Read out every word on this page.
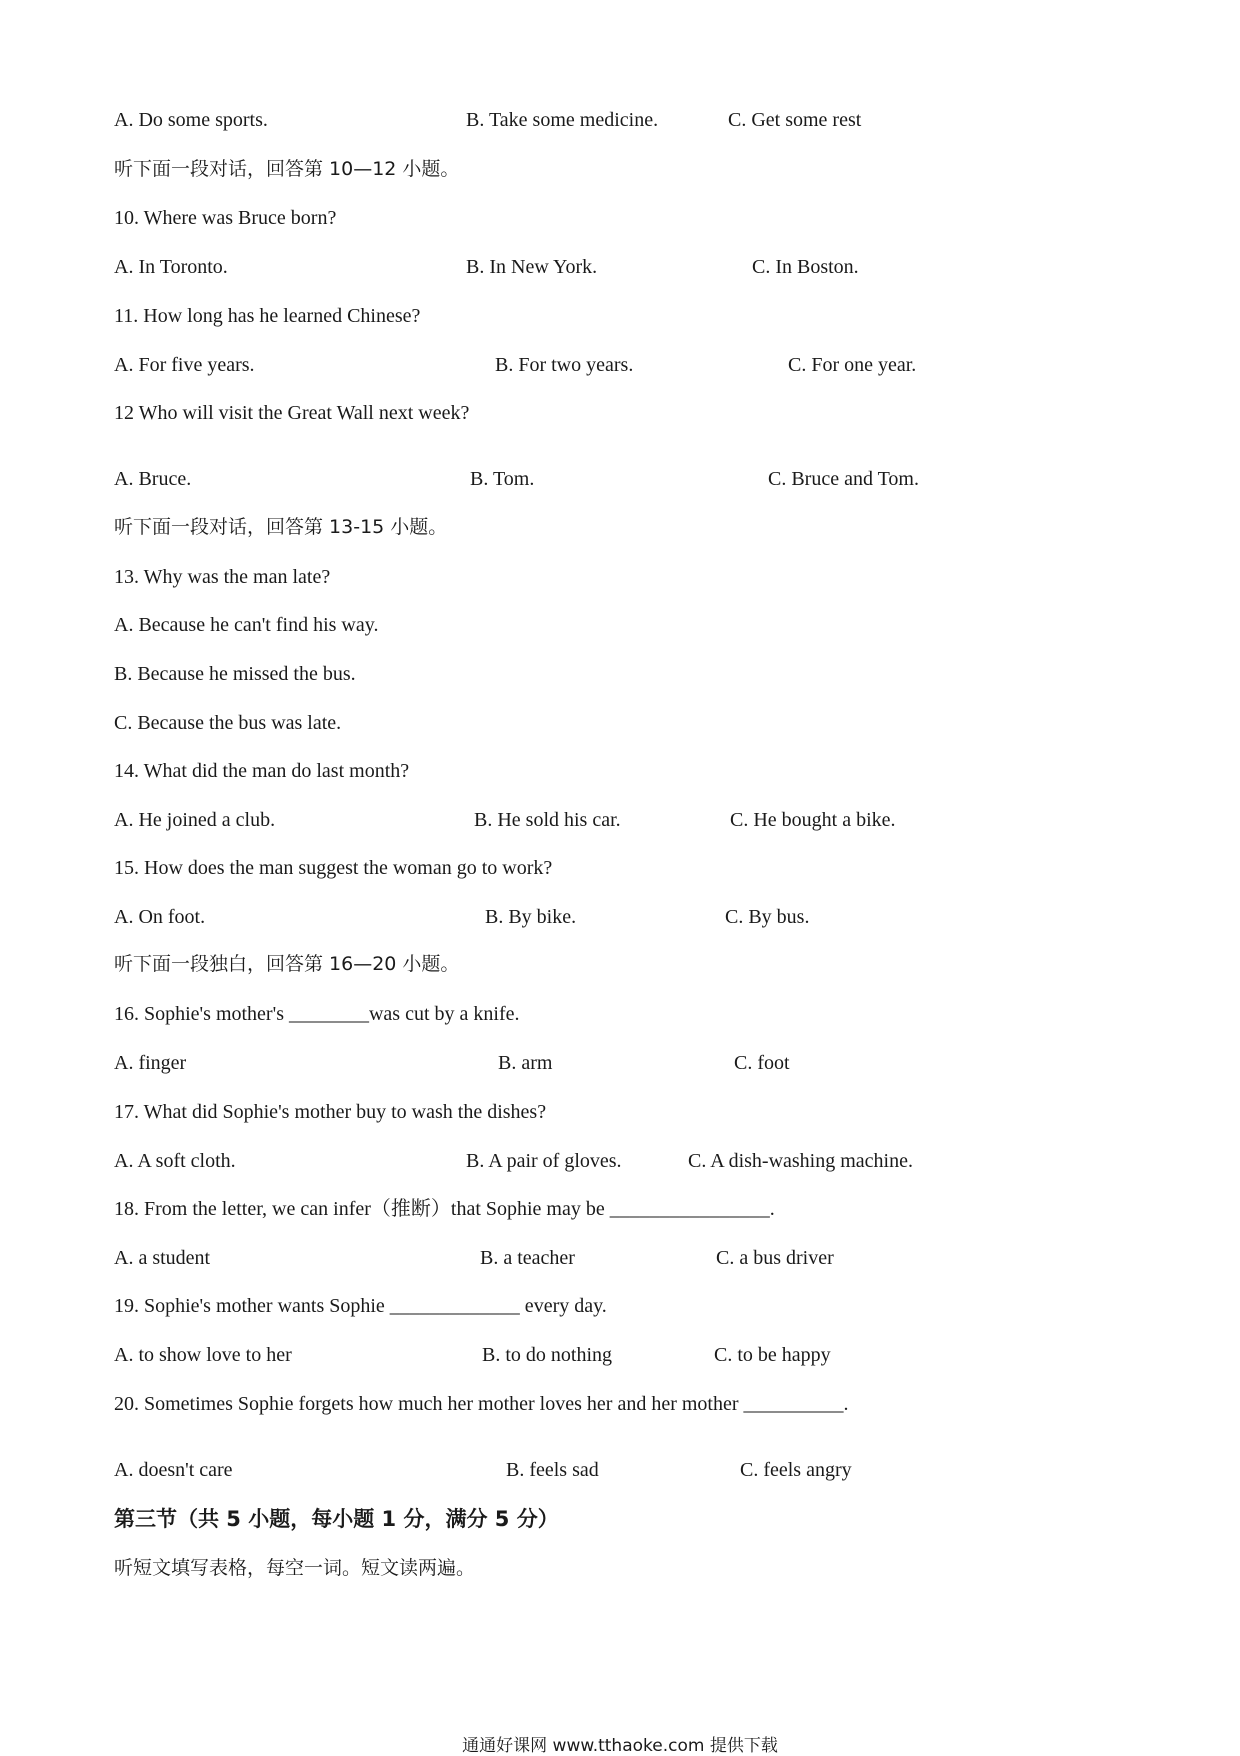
A. Do some sports.	B. Take some medicine.	C. Get some rest
听下面一段对话，回答第 10—12 小题。
10. Where was Bruce born?
A. In Toronto.	B. In New York.	C. In Boston.
11. How long has he learned Chinese?
A. For five years.	B. For two years.	C. For one year.
12 Who will visit the Great Wall next week?
A. Bruce.	B. Tom.	C. Bruce and Tom.
听下面一段对话，回答第 13-15 小题。
13. Why was the man late?
A. Because he can't find his way.
B. Because he missed the bus.
C. Because the bus was late.
14. What did the man do last month?
A. He joined a club.	B. He sold his car.	C. He bought a bike.
15. How does the man suggest the woman go to work?
A. On foot.	B. By bike.	C. By bus.
听下面一段独白，回答第 16—20 小题。
16. Sophie's mother's ________was cut by a knife.
A. finger	B. arm	C. foot
17. What did Sophie's mother buy to wash the dishes?
A. A soft cloth.	B. A pair of gloves.	C. A dish-washing machine.
18. From the letter, we can infer（推断）that Sophie may be ________________.
A. a student	B. a teacher	C. a bus driver
19. Sophie's mother wants Sophie _____________ every day.
A. to show love to her	B. to do nothing	C. to be happy
20. Sometimes Sophie forgets how much her mother loves her and her mother __________.
A. doesn't care	B. feels sad	C. feels angry
第三节（共 5 小题，每小题 1 分，满分 5 分）
听短文填写表格，每空一词。短文读两遍。
通通好课网 www.tthaoke.com 提供下载
